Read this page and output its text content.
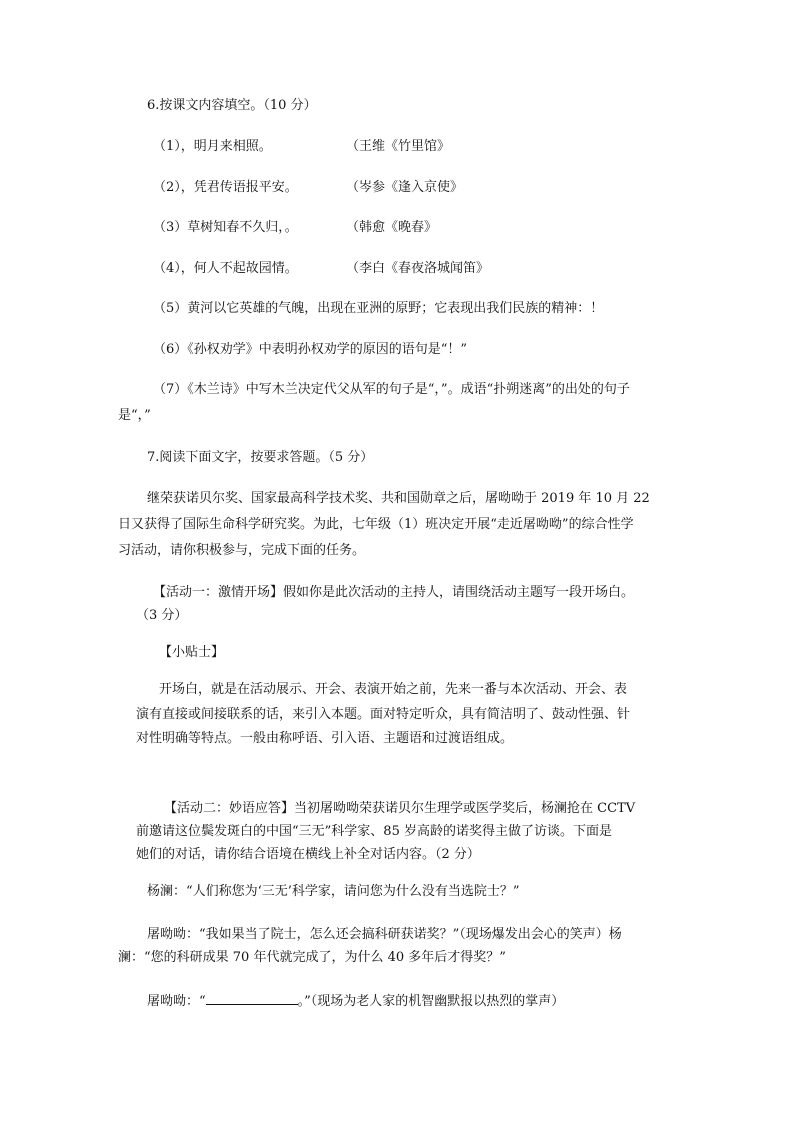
6.按课文内容填空。（10 分）
（1），明月来相照。	（王维《竹里馆》
（2），凭君传语报平安。	（岑参《逢入京使》
（3）草树知春不久归，。	（韩愈《晚春》
（4），何人不起故园情。	（李白《春夜洛城闻笛》
（5）黄河以它英雄的气魄，出现在亚洲的原野；它表现出我们民族的精神：！
（6）《孙权劝学》中表明孙权劝学的原因的语句是“！”
（7）《木兰诗》中写木兰决定代父从军的句子是“，”。成语“扑朔迷离”的出处的句子
是“，”
7.阅读下面文字，按要求答题。（5 分）
继荣获诺贝尔奖、国家最高科学技术奖、共和国勋章之后，屠呦呦于 2019 年 10 月 22
日又获得了国际生命科学研究奖。为此，七年级（1）班决定开展“走近屠呦呦”的综合性学
习活动，请你积极参与，完成下面的任务。
【活动一：激情开场】假如你是此次活动的主持人，请围绕活动主题写一段开场白。
（3 分）
【小贴士】
开场白，就是在活动展示、开会、表演开始之前，先来一番与本次活动、开会、表
演有直接或间接联系的话，来引入本题。面对特定听众，具有简洁明了、鼓动性强、针
对性明确等特点。一般由称呼语、引入语、主题语和过渡语组成。
【活动二：妙语应答】当初屠呦呦荣获诺贝尔生理学或医学奖后，杨澜抢在 CCTV
前邀请这位鬓发斑白的中国“三无”科学家、85 岁高龄的诺奖得主做了访谈。下面是
她们的对话，请你结合语境在横线上补全对话内容。（2 分）
杨澜：“人们称您为‘三无’科学家，请问您为什么没有当选院士？”
屠呦呦：“我如果当了院士，怎么还会搞科研获诺奖？”（现场爆发出会心的笑声）杨
澜：“您的科研成果 70 年代就完成了，为什么 40 多年后才得奖？”
屠呦呦：“	。”（现场为老人家的机智幽默报以热烈的掌声）
